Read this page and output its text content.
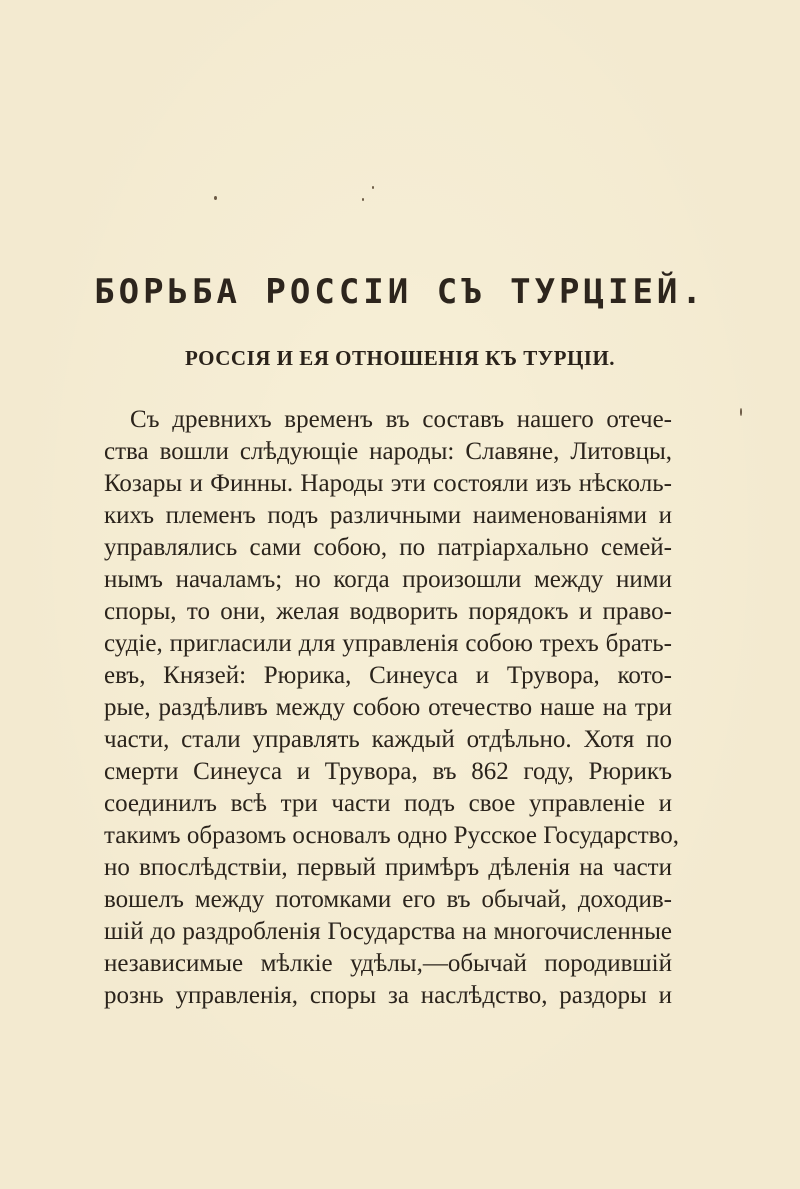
БОРЬБА РОССІИ СЪ ТУРЦІЕЙ.
РОССІЯ И ЕЯ ОТНОШЕНІЯ КЪ ТУРЦІИ.
Съ древнихъ временъ въ составъ нашего отече-
ства вошли слѣдующіе народы: Славяне, Литовцы,
Козары и Финны. Народы эти состояли изъ нѣсколь-
кихъ племенъ подъ различными наименованіями и
управлялись сами собою, по патріархально семей-
нымъ началамъ; но когда произошли между ними
споры, то они, желая водворить порядокъ и право-
судіе, пригласили для управленія собою трехъ брать-
евъ, Князей: Рюрика, Синеуса и Трувора, кото-
рые, раздѣливъ между собою отечество наше на три
части, стали управлять каждый отдѣльно. Хотя по
смерти Синеуса и Трувора, въ 862 году, Рюрикъ
соединилъ всѣ три части подъ свое управленіе и
такимъ образомъ основалъ одно Русское Государство,
но впослѣдствіи, первый примѣръ дѣленія на части
вошелъ между потомками его въ обычай, доходив-
шій до раздробленія Государства на многочисленные
независимые мѣлкіе удѣлы,—обычай породившій
рознь управленія, споры за наслѣдство, раздоры и
